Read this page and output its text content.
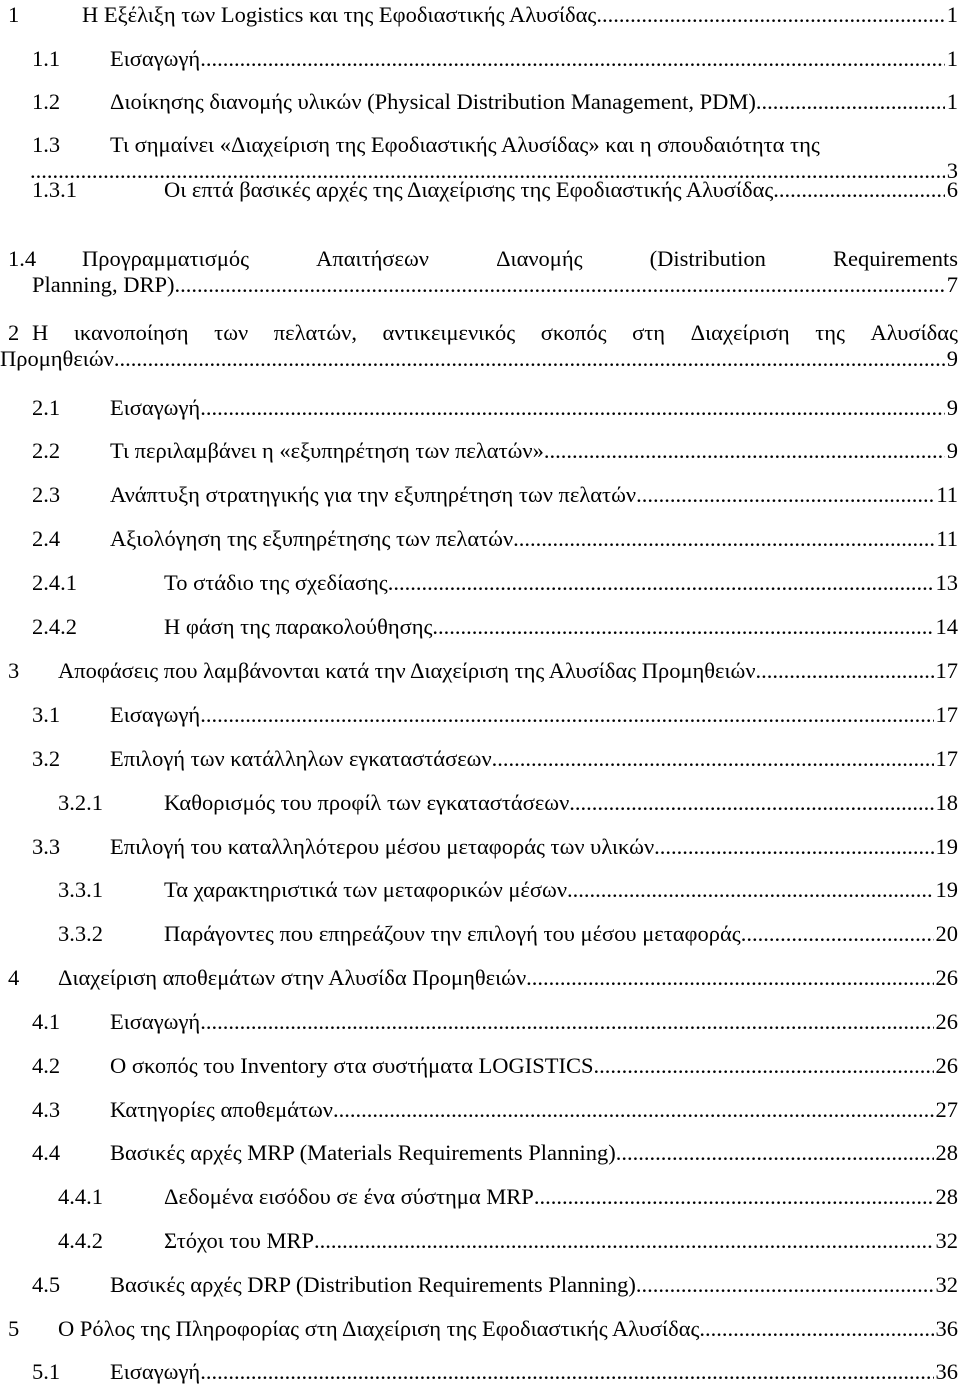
1	Η Εξέλιξη των Logistics και της Εφοδιαστικής Αλυσίδας .....	1
1.1 Εισαγωγή .....	1
1.2 Διοίκησης διανομής υλικών (Physical Distribution Management, PDM) .....	1
1.3 Τι σημαίνει «Διαχείριση της Εφοδιαστικής Αλυσίδας» και η σπουδαιότητα της
.....
3
1.3.1	Οι επτά βασικές αρχές της Διαχείρισης της Εφοδιαστικής Αλυσίδας .....	6
1.4 Προγραμματισμός	Απαιτήσεων	Διανομής	(Distribution	Requirements
Planning, DRP) .....	7
2 Η ικανοποίηση των πελατών, αντικειμενικός σκοπός στη Διαχείριση της Αλυσίδας
Προμηθειών. .....	9
2.1 Εισαγωγή .....	9
2.2 Τι περιλαμβάνει η «εξυπηρέτηση των πελατών» .....	9
2.3 Ανάπτυξη στρατηγικής για την εξυπηρέτηση των πελατών. .....	11
2.4 Αξιολόγηση της εξυπηρέτησης των πελατών .....	11
2.4.1	Το στάδιο της σχεδίασης .....	13
2.4.2	Η φάση της παρακολούθησης .....	14
3 Αποφάσεις που λαμβάνονται κατά την Διαχείριση της Αλυσίδας Προμηθειών. .....	17
3.1 Εισαγωγή .....	17
3.2 Επιλογή των κατάλληλων εγκαταστάσεων .....	17
3.2.1	Καθορισμός του προφίλ των εγκαταστάσεων .....	18
3.3 Επιλογή του καταλληλότερου μέσου μεταφοράς των υλικών .....	19
3.3.1	Τα χαρακτηριστικά των μεταφορικών μέσων .....	19
3.3.2	Παράγοντες που επηρεάζουν την επιλογή του μέσου μεταφοράς .....	20
4 Διαχείριση αποθεμάτων στην Αλυσίδα Προμηθειών .....	26
4.1 Εισαγωγή .....	26
4.2 Ο σκοπός του Inventory στα συστήματα LOGISTICS .....	26
4.3 Κατηγορίες αποθεμάτων .....	27
4.4 Βασικές αρχές MRP (Materials Requirements Planning) .....	28
4.4.1	Δεδομένα εισόδου σε ένα σύστημα MRP .....	28
4.4.2	Στόχοι του MRP .....	32
4.5 Βασικές αρχές DRP (Distribution Requirements Planning) .....	32
5 Ο Ρόλος της Πληροφορίας στη Διαχείριση της Εφοδιαστικής Αλυσίδας. .....	36
5.1 Εισαγωγή .....	36
